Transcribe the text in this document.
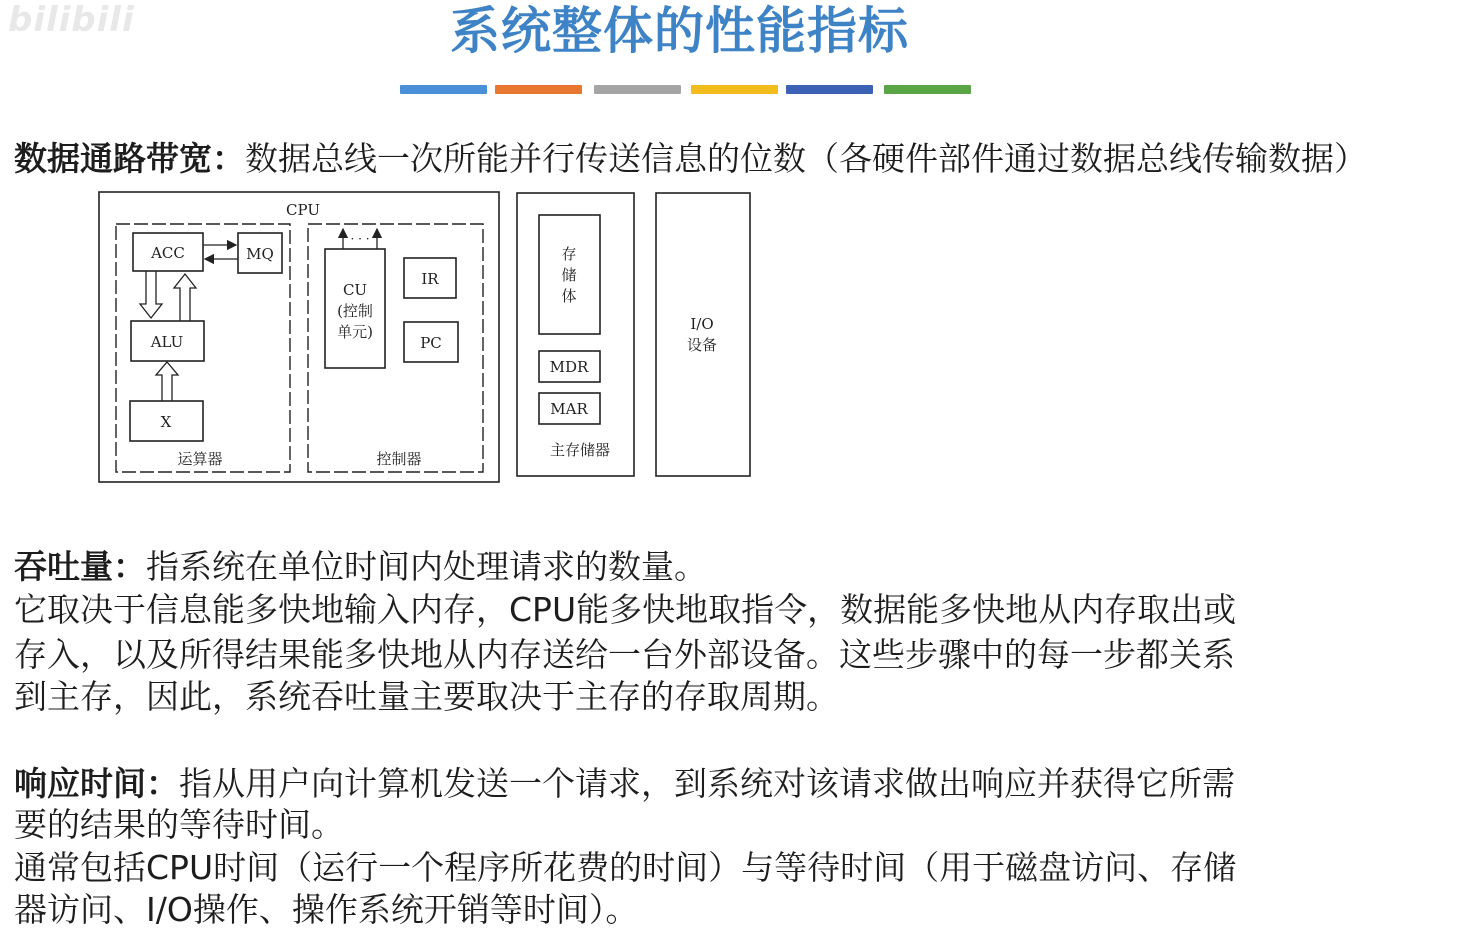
bilibili	系统整体的性能指标
数据通路带宽：数据总线一次所能并行传送信息的位数（各硬件部件通过数据总线传输数据）
CPU
ACC	MQ
ALU
X
运算器
· · ·
CU
(控制
单元)
IR
PC
控制器
存
储
体
MDR
MAR
主存储器
I/O
设备
吞吐量：指系统在单位时间内处理请求的数量。
它取决于信息能多快地输入内存，CPU能多快地取指令，数据能多快地从内存取出或
存入，以及所得结果能多快地从内存送给一台外部设备。这些步骤中的每一步都关系
到主存，因此，系统吞吐量主要取决于主存的存取周期。
响应时间：指从用户向计算机发送一个请求，到系统对该请求做出响应并获得它所需
要的结果的等待时间。
通常包括CPU时间（运行一个程序所花费的时间）与等待时间（用于磁盘访问、存储
器访问、I/O操作、操作系统开销等时间）。
